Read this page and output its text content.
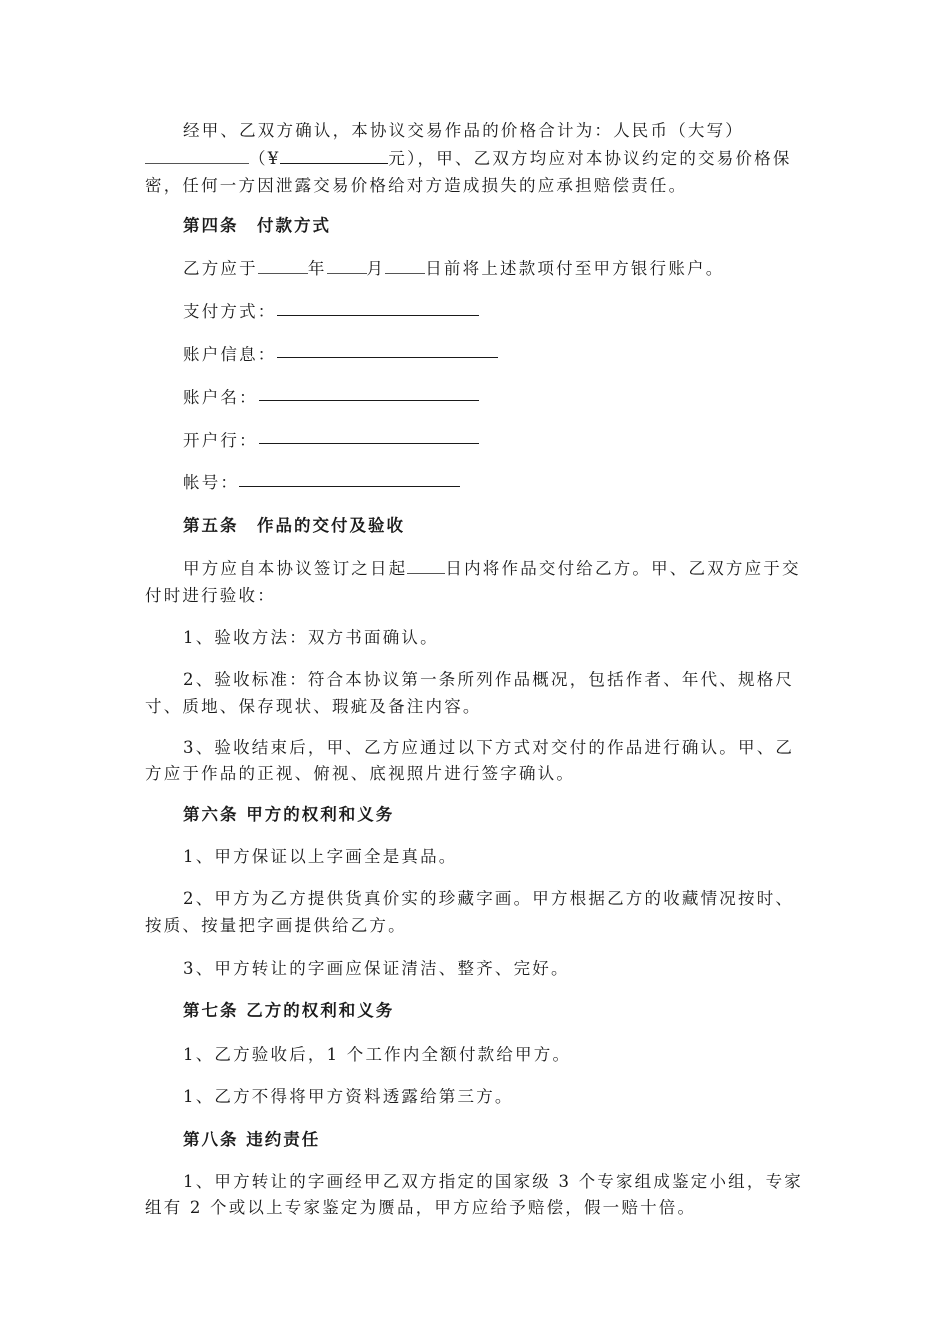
经甲、乙双方确认，本协议交易作品的价格合计为：人民币（大写）
（¥	元），甲、乙双方均应对本协议约定的交易价格保
密，任何一方因泄露交易价格给对方造成损失的应承担赔偿责任。
第四条　付款方式
乙方应于	年 月 日前将上述款项付至甲方银行账户。
支付方式：
账户信息：
账户名：
开户行：
帐号：
第五条　作品的交付及验收
甲方应自本协议签订之日起 日内将作品交付给乙方。甲、乙双方应于交
付时进行验收：
1、验收方法：双方书面确认。
2、验收标准：符合本协议第一条所列作品概况，包括作者、年代、规格尺
寸、质地、保存现状、瑕疵及备注内容。
3、验收结束后，甲、乙方应通过以下方式对交付的作品进行确认。甲、乙
方应于作品的正视、俯视、底视照片进行签字确认。
第六条 甲方的权利和义务
1、甲方保证以上字画全是真品。
2、甲方为乙方提供货真价实的珍藏字画。甲方根据乙方的收藏情况按时、
按质、按量把字画提供给乙方。
3、甲方转让的字画应保证清洁、整齐、完好。
第七条 乙方的权利和义务
1、乙方验收后，1 个工作内全额付款给甲方。
1、乙方不得将甲方资料透露给第三方。
第八条 违约责任
1、甲方转让的字画经甲乙双方指定的国家级 3 个专家组成鉴定小组，专家
组有 2 个或以上专家鉴定为赝品，甲方应给予赔偿，假一赔十倍。
